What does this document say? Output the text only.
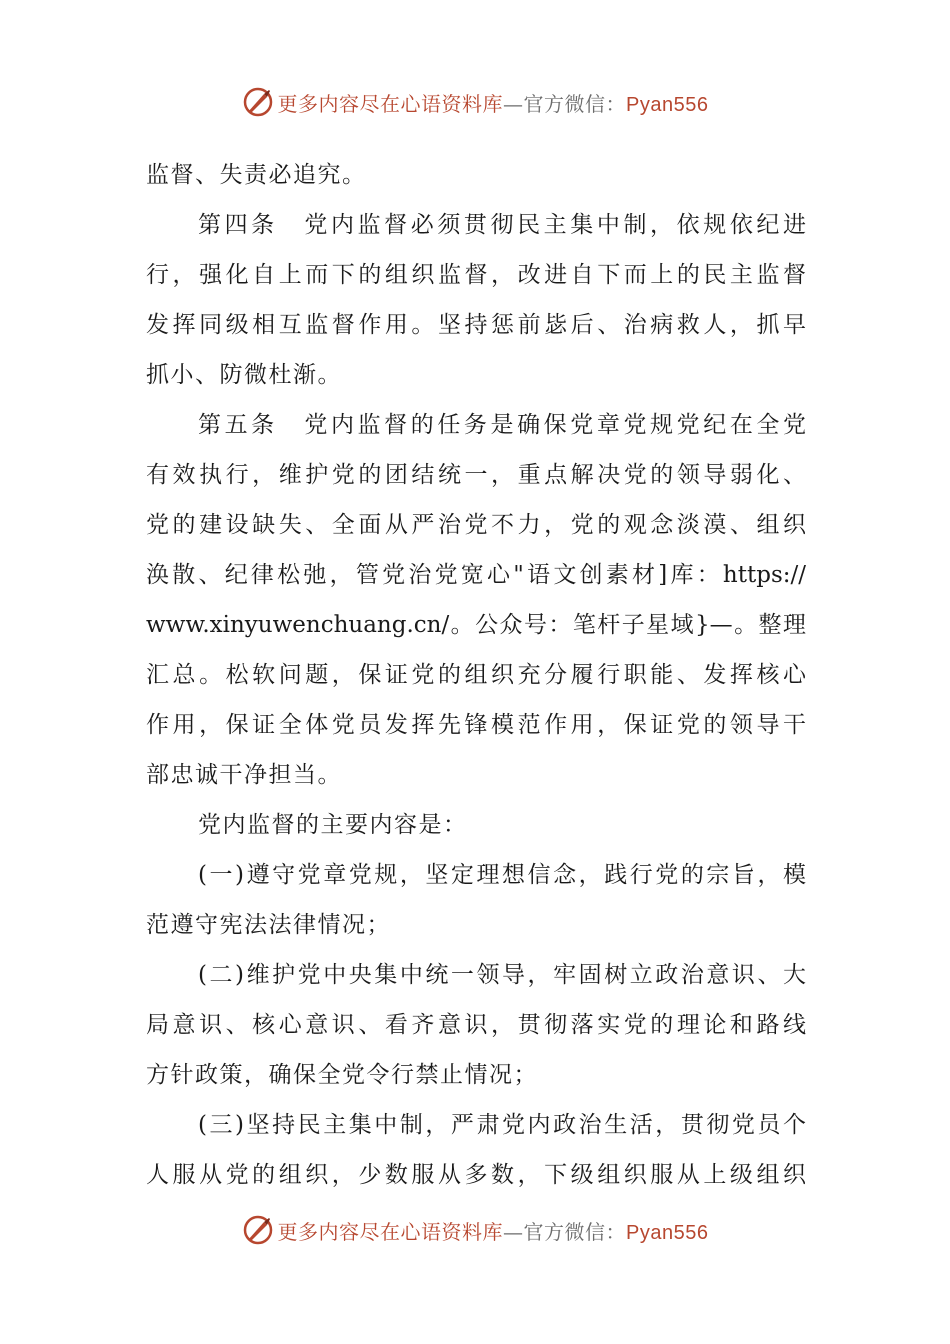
更多内容尽在心语资料库—官方微信：Pyan556
监督、失责必追究。
第四条　党内监督必须贯彻民主集中制，依规依纪进
行，强化自上而下的组织监督，改进自下而上的民主监督
发挥同级相互监督作用。坚持惩前毖后、治病救人，抓早
抓小、防微杜渐。
第五条　党内监督的任务是确保党章党规党纪在全党
有效执行，维护党的团结统一，重点解决党的领导弱化、
党的建设缺失、全面从严治党不力，党的观念淡漠、组织
涣散、纪律松弛，管党治党宽心"语文创素材]库：https://
www.xinyuwenchuang.cn/。公众号：笔杆子星域}—。整理
汇总。松软问题，保证党的组织充分履行职能、发挥核心
作用，保证全体党员发挥先锋模范作用，保证党的领导干
部忠诚干净担当。
党内监督的主要内容是：
(一)遵守党章党规，坚定理想信念，践行党的宗旨，模
范遵守宪法法律情况；
(二)维护党中央集中统一领导，牢固树立政治意识、大
局意识、核心意识、看齐意识，贯彻落实党的理论和路线
方针政策，确保全党令行禁止情况；
(三)坚持民主集中制，严肃党内政治生活，贯彻党员个
人服从党的组织，少数服从多数，下级组织服从上级组织
更多内容尽在心语资料库—官方微信：Pyan556
